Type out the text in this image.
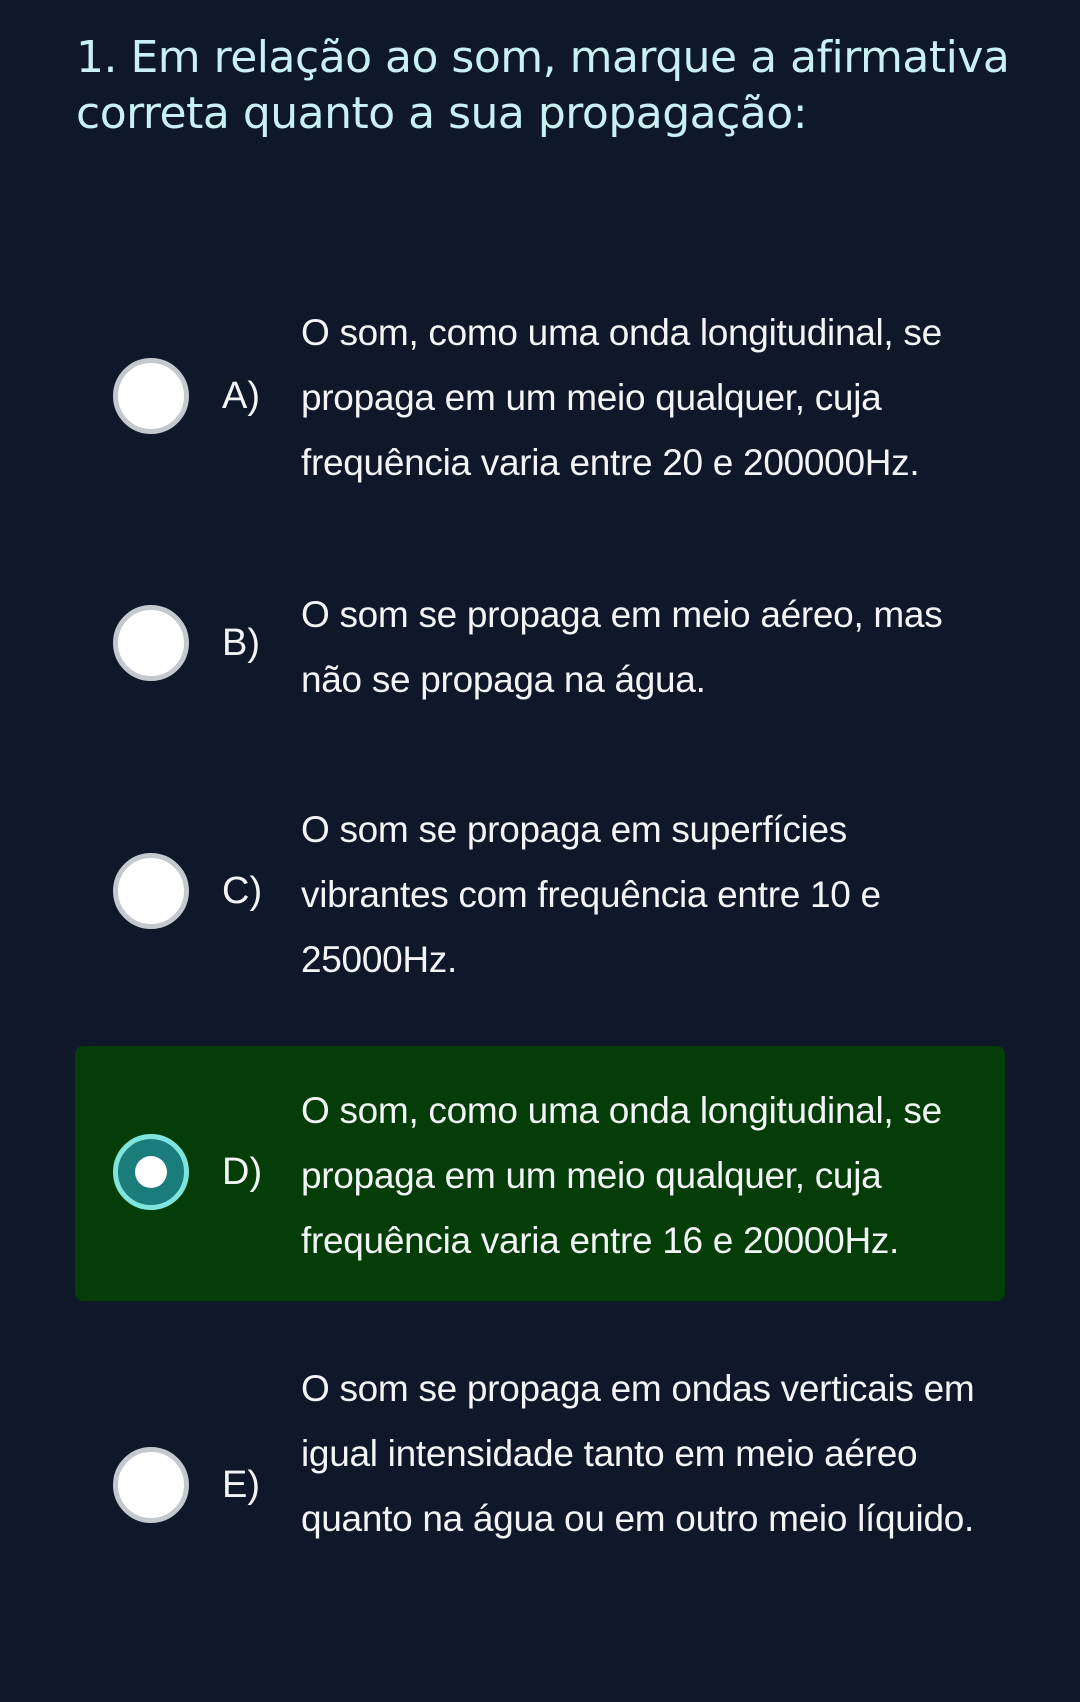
1. Em relação ao som, marque a afirmativa correta quanto a sua propagação:
A)

O som, como uma onda longitudinal, se propaga em um meio qualquer, cuja frequência varia entre 20 e 200000Hz.

B)

O som se propaga em meio aéreo, mas não se propaga na água.

C)

O som se propaga em superfícies vibrantes com frequência entre 10 e 25000Hz.

D)

O som, como uma onda longitudinal, se propaga em um meio qualquer, cuja frequência varia entre 16 e 20000Hz.

E)

O som se propaga em ondas verticais em igual intensidade tanto em meio aéreo quanto na água ou em outro meio líquido.
